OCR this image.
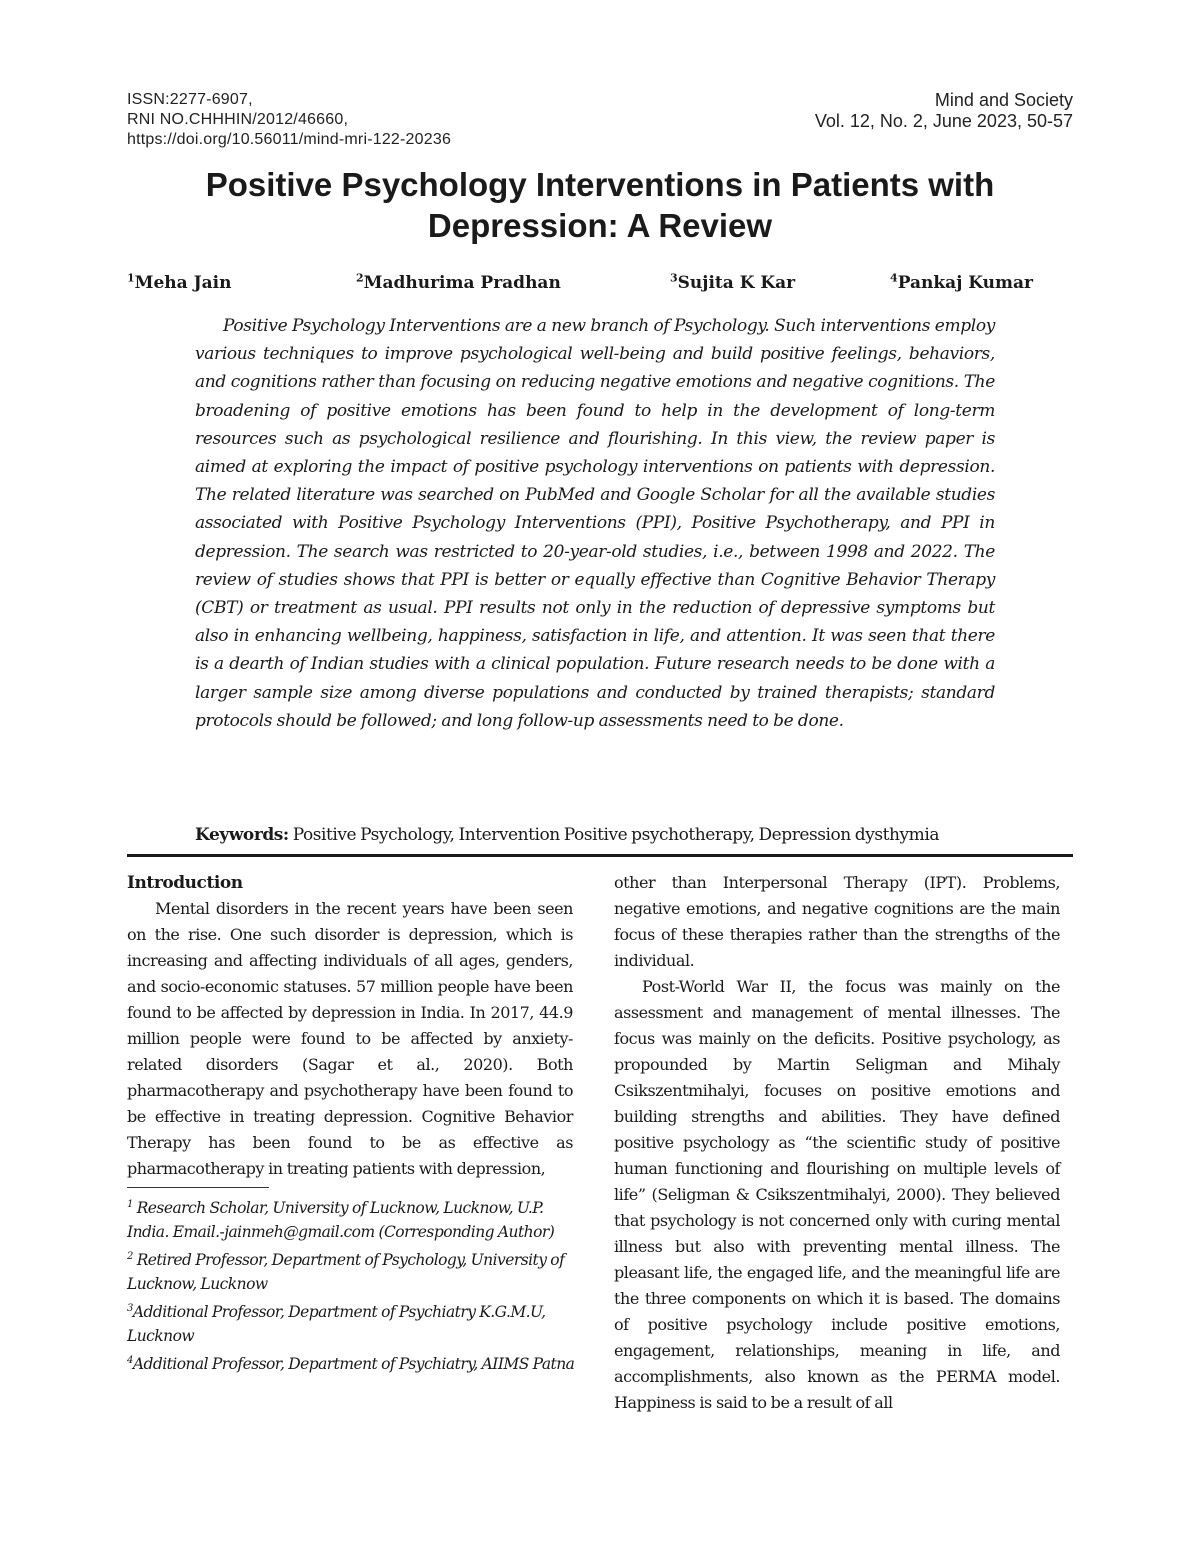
ISSN:2277-6907,
RNI NO.CHHHIN/2012/46660,
https://doi.org/10.56011/mind-mri-122-20236
Mind and Society
Vol. 12, No. 2, June 2023, 50-57
Positive Psychology Interventions in Patients with
Depression: A Review
$^1$Meha Jain	$^2$Madhurima Pradhan	$^3$Sujita K Kar	$^4$Pankaj Kumar
Positive Psychology Interventions are a new branch of Psychology. Such interventions employ various techniques to improve psychological well-being and build positive feelings, behaviors, and cognitions rather than focusing on reducing negative emotions and negative cognitions. The broadening of positive emotions has been found to help in the development of long-term resources such as psychological resilience and flourishing. In this view, the review paper is aimed at exploring the impact of positive psychology interventions on patients with depression. The related literature was searched on PubMed and Google Scholar for all the available studies associated with Positive Psychology Interventions (PPI), Positive Psychotherapy, and PPI in depression. The search was restricted to 20-year-old studies, i.e., between 1998 and 2022. The review of studies shows that PPI is better or equally effective than Cognitive Behavior Therapy (CBT) or treatment as usual. PPI results not only in the reduction of depressive symptoms but also in enhancing wellbeing, happiness, satisfaction in life, and attention. It was seen that there is a dearth of Indian studies with a clinical population. Future research needs to be done with a larger sample size among diverse populations and conducted by trained therapists; standard protocols should be followed; and long follow-up assessments need to be done.
Keywords: Positive Psychology, Intervention Positive psychotherapy, Depression dysthymia
Introduction

Mental disorders in the recent years have been seen on the rise. One such disorder is depression, which is increasing and affecting individuals of all ages, genders, and socio-economic statuses. 57 million people have been found to be affected by depression in India. In 2017, 44.9 million people were found to be affected by anxiety-related disorders (Sagar et al., 2020). Both pharmacotherapy and psychotherapy have been found to be effective in treating depression. Cognitive Behavior Therapy has been found to be as effective as pharmacotherapy in treating patients with depression,

$^1$ Research Scholar, University of Lucknow, Lucknow, U.P. India. Email.-jainmeh@gmail.com (Corresponding Author)

$^2$ Retired Professor, Department of Psychology, University of Lucknow, Lucknow

$^3$Additional Professor, Department of Psychiatry K.G.M.U, Lucknow

$^4$Additional Professor, Department of Psychiatry, AIIMS Patna

other than Interpersonal Therapy (IPT). Problems, negative emotions, and negative cognitions are the main focus of these therapies rather than the strengths of the individual.

Post-World War II, the focus was mainly on the assessment and management of mental illnesses. The focus was mainly on the deficits. Positive psychology, as propounded by Martin Seligman and Mihaly Csikszentmihalyi, focuses on positive emotions and building strengths and abilities. They have defined positive psychology as “the scientific study of positive human functioning and flourishing on multiple levels of life” (Seligman & Csikszentmihalyi, 2000). They believed that psychology is not concerned only with curing mental illness but also with preventing mental illness. The pleasant life, the engaged life, and the meaningful life are the three components on which it is based. The domains of positive psychology include positive emotions, engagement, relationships, meaning in life, and accomplishments, also known as the PERMA model. Happiness is said to be a result of all
